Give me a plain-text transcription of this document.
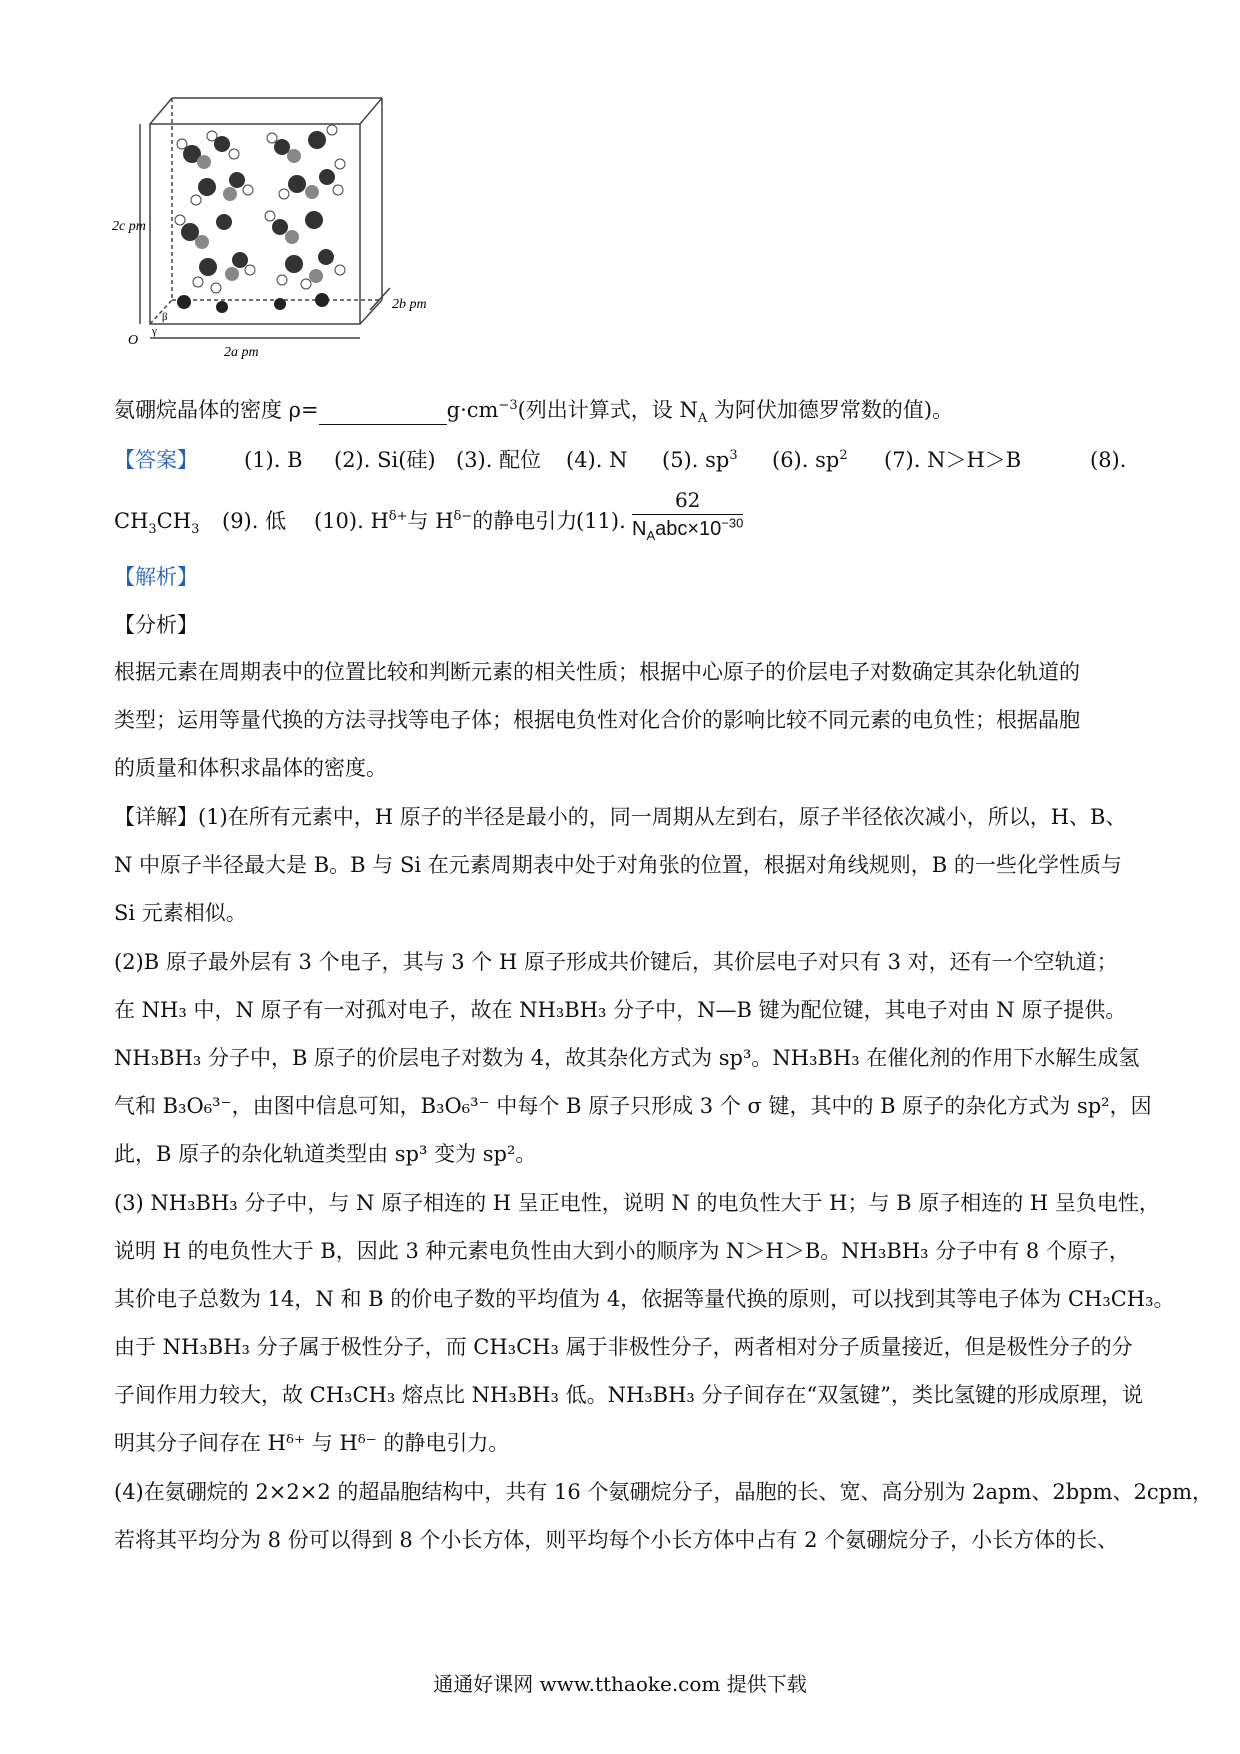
2c pm
2a pm
2b pm
O
β
γ
氨硼烷晶体的密度 ρ=	$g\cdot cm^{-3}$(列出计算式，设 $N_A$ 为阿伏加德罗常数的值)。
【答案】 (1). B (2). Si(硅) (3). 配位 (4). N (5). $sp^3$ (6). $sp^2$ (7). N＞H＞B	(8).
$CH_3CH_3$ (9). 低 (10). $H^{\delta+}$与 $H^{\delta-}$的静电引力
(11).
62
$N_Aabc\times 10^{-30}$
【解析】
【分析】
根据元素在周期表中的位置比较和判断元素的相关性质；根据中心原子的价层电子对数确定其杂化轨道的
类型；运用等量代换的方法寻找等电子体；根据电负性对化合价的影响比较不同元素的电负性；根据晶胞
的质量和体积求晶体的密度。
【详解】(1)在所有元素中，H 原子的半径是最小的，同一周期从左到右，原子半径依次减小，所以，H、B、
N 中原子半径最大是 B。B 与 Si 在元素周期表中处于对角张的位置，根据对角线规则，B 的一些化学性质与
Si 元素相似。
(2)B 原子最外层有 3 个电子，其与 3 个 H 原子形成共价键后，其价层电子对只有 3 对，还有一个空轨道；
在 NH₃ 中，N 原子有一对孤对电子，故在 NH₃BH₃ 分子中，N—B 键为配位键，其电子对由 N 原子提供。
NH₃BH₃ 分子中，B 原子的价层电子对数为 4，故其杂化方式为 sp³。NH₃BH₃ 在催化剂的作用下水解生成氢
气和 B₃O₆³⁻，由图中信息可知，B₃O₆³⁻ 中每个 B 原子只形成 3 个 σ 键，其中的 B 原子的杂化方式为 sp²，因
此，B 原子的杂化轨道类型由 sp³ 变为 sp²。
(3) NH₃BH₃ 分子中，与 N 原子相连的 H 呈正电性，说明 N 的电负性大于 H；与 B 原子相连的 H 呈负电性，
说明 H 的电负性大于 B，因此 3 种元素电负性由大到小的顺序为 N＞H＞B。NH₃BH₃ 分子中有 8 个原子，
其价电子总数为 14，N 和 B 的价电子数的平均值为 4，依据等量代换的原则，可以找到其等电子体为 CH₃CH₃。
由于 NH₃BH₃ 分子属于极性分子，而 CH₃CH₃ 属于非极性分子，两者相对分子质量接近，但是极性分子的分
子间作用力较大，故 CH₃CH₃ 熔点比 NH₃BH₃ 低。NH₃BH₃ 分子间存在“双氢键”，类比氢键的形成原理，说
明其分子间存在 Hᵟ⁺ 与 Hᵟ⁻ 的静电引力。
(4)在氨硼烷的 2×2×2 的超晶胞结构中，共有 16 个氨硼烷分子，晶胞的长、宽、高分别为 2apm、2bpm、2cpm，
若将其平均分为 8 份可以得到 8 个小长方体，则平均每个小长方体中占有 2 个氨硼烷分子，小长方体的长、
通通好课网 www.tthaoke.com 提供下载
